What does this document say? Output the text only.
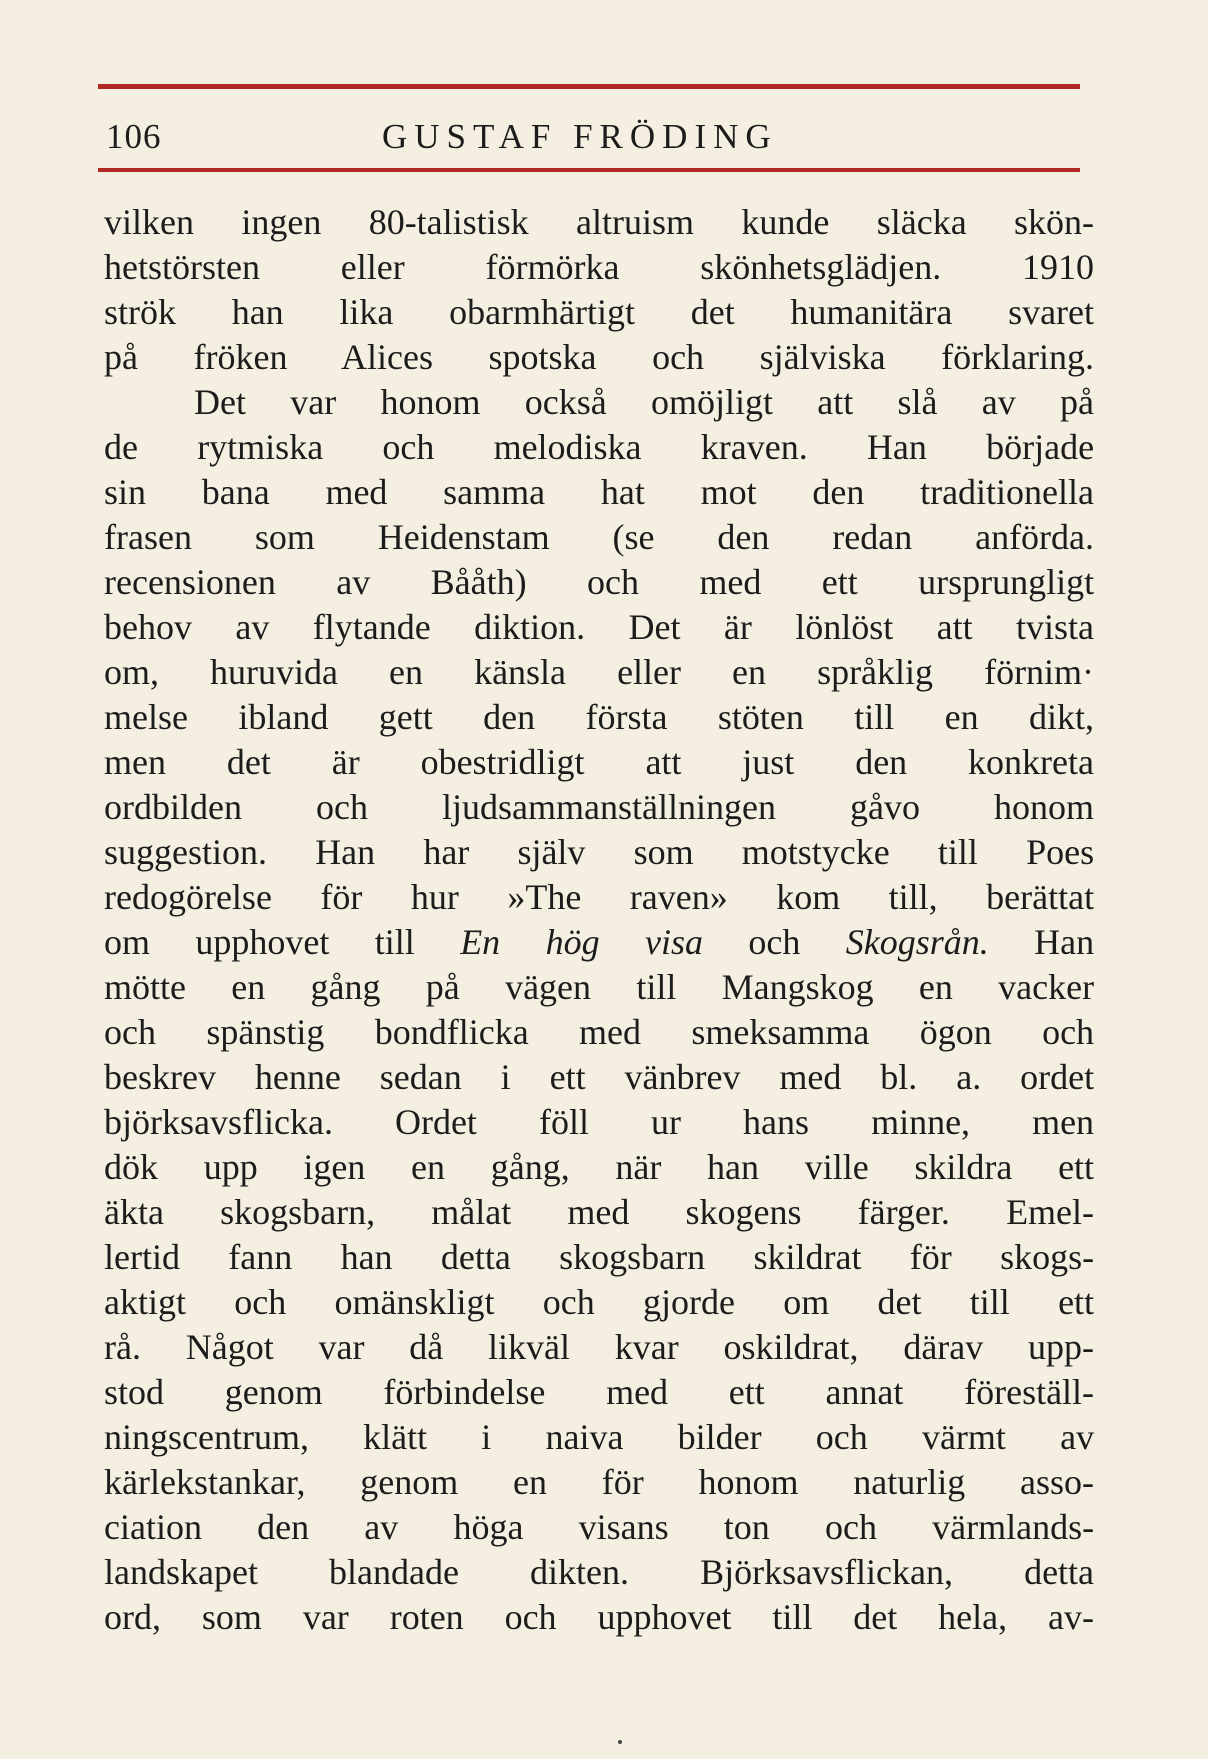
106	GUSTAF FRÖDING
vilken ingen 80-talistisk altruism kunde släcka skön-
hetstörsten eller förmörka skönhetsglädjen. 1910
strök han lika obarmhärtigt det humanitära svaret
på fröken Alices spotska och själviska förklaring.
Det var honom också omöjligt att slå av på
de rytmiska och melodiska kraven. Han började
sin bana med samma hat mot den traditionella
frasen som Heidenstam (se den redan anförda.
recensionen av Bååth) och med ett ursprungligt
behov av flytande diktion. Det är lönlöst att tvista
om, huruvida en känsla eller en språklig förnim·
melse ibland gett den första stöten till en dikt,
men det är obestridligt att just den konkreta
ordbilden och ljudsammanställningen gåvo honom
suggestion. Han har själv som motstycke till Poes
redogörelse för hur »The raven» kom till, berättat
om upphovet till En hög visa och Skogsrån. Han
mötte en gång på vägen till Mangskog en vacker
och spänstig bondflicka med smeksamma ögon och
beskrev henne sedan i ett vänbrev med bl. a. ordet
björksavsflicka. Ordet föll ur hans minne, men
dök upp igen en gång, när han ville skildra ett
äkta skogsbarn, målat med skogens färger. Emel-
lertid fann han detta skogsbarn skildrat för skogs-
aktigt och omänskligt och gjorde om det till ett
rå. Något var då likväl kvar oskildrat, därav upp-
stod genom förbindelse med ett annat föreställ-
ningscentrum, klätt i naiva bilder och värmt av
kärlekstankar, genom en för honom naturlig asso-
ciation den av höga visans ton och värmlands-
landskapet blandade dikten. Björksavsflickan, detta
ord, som var roten och upphovet till det hela, av-
